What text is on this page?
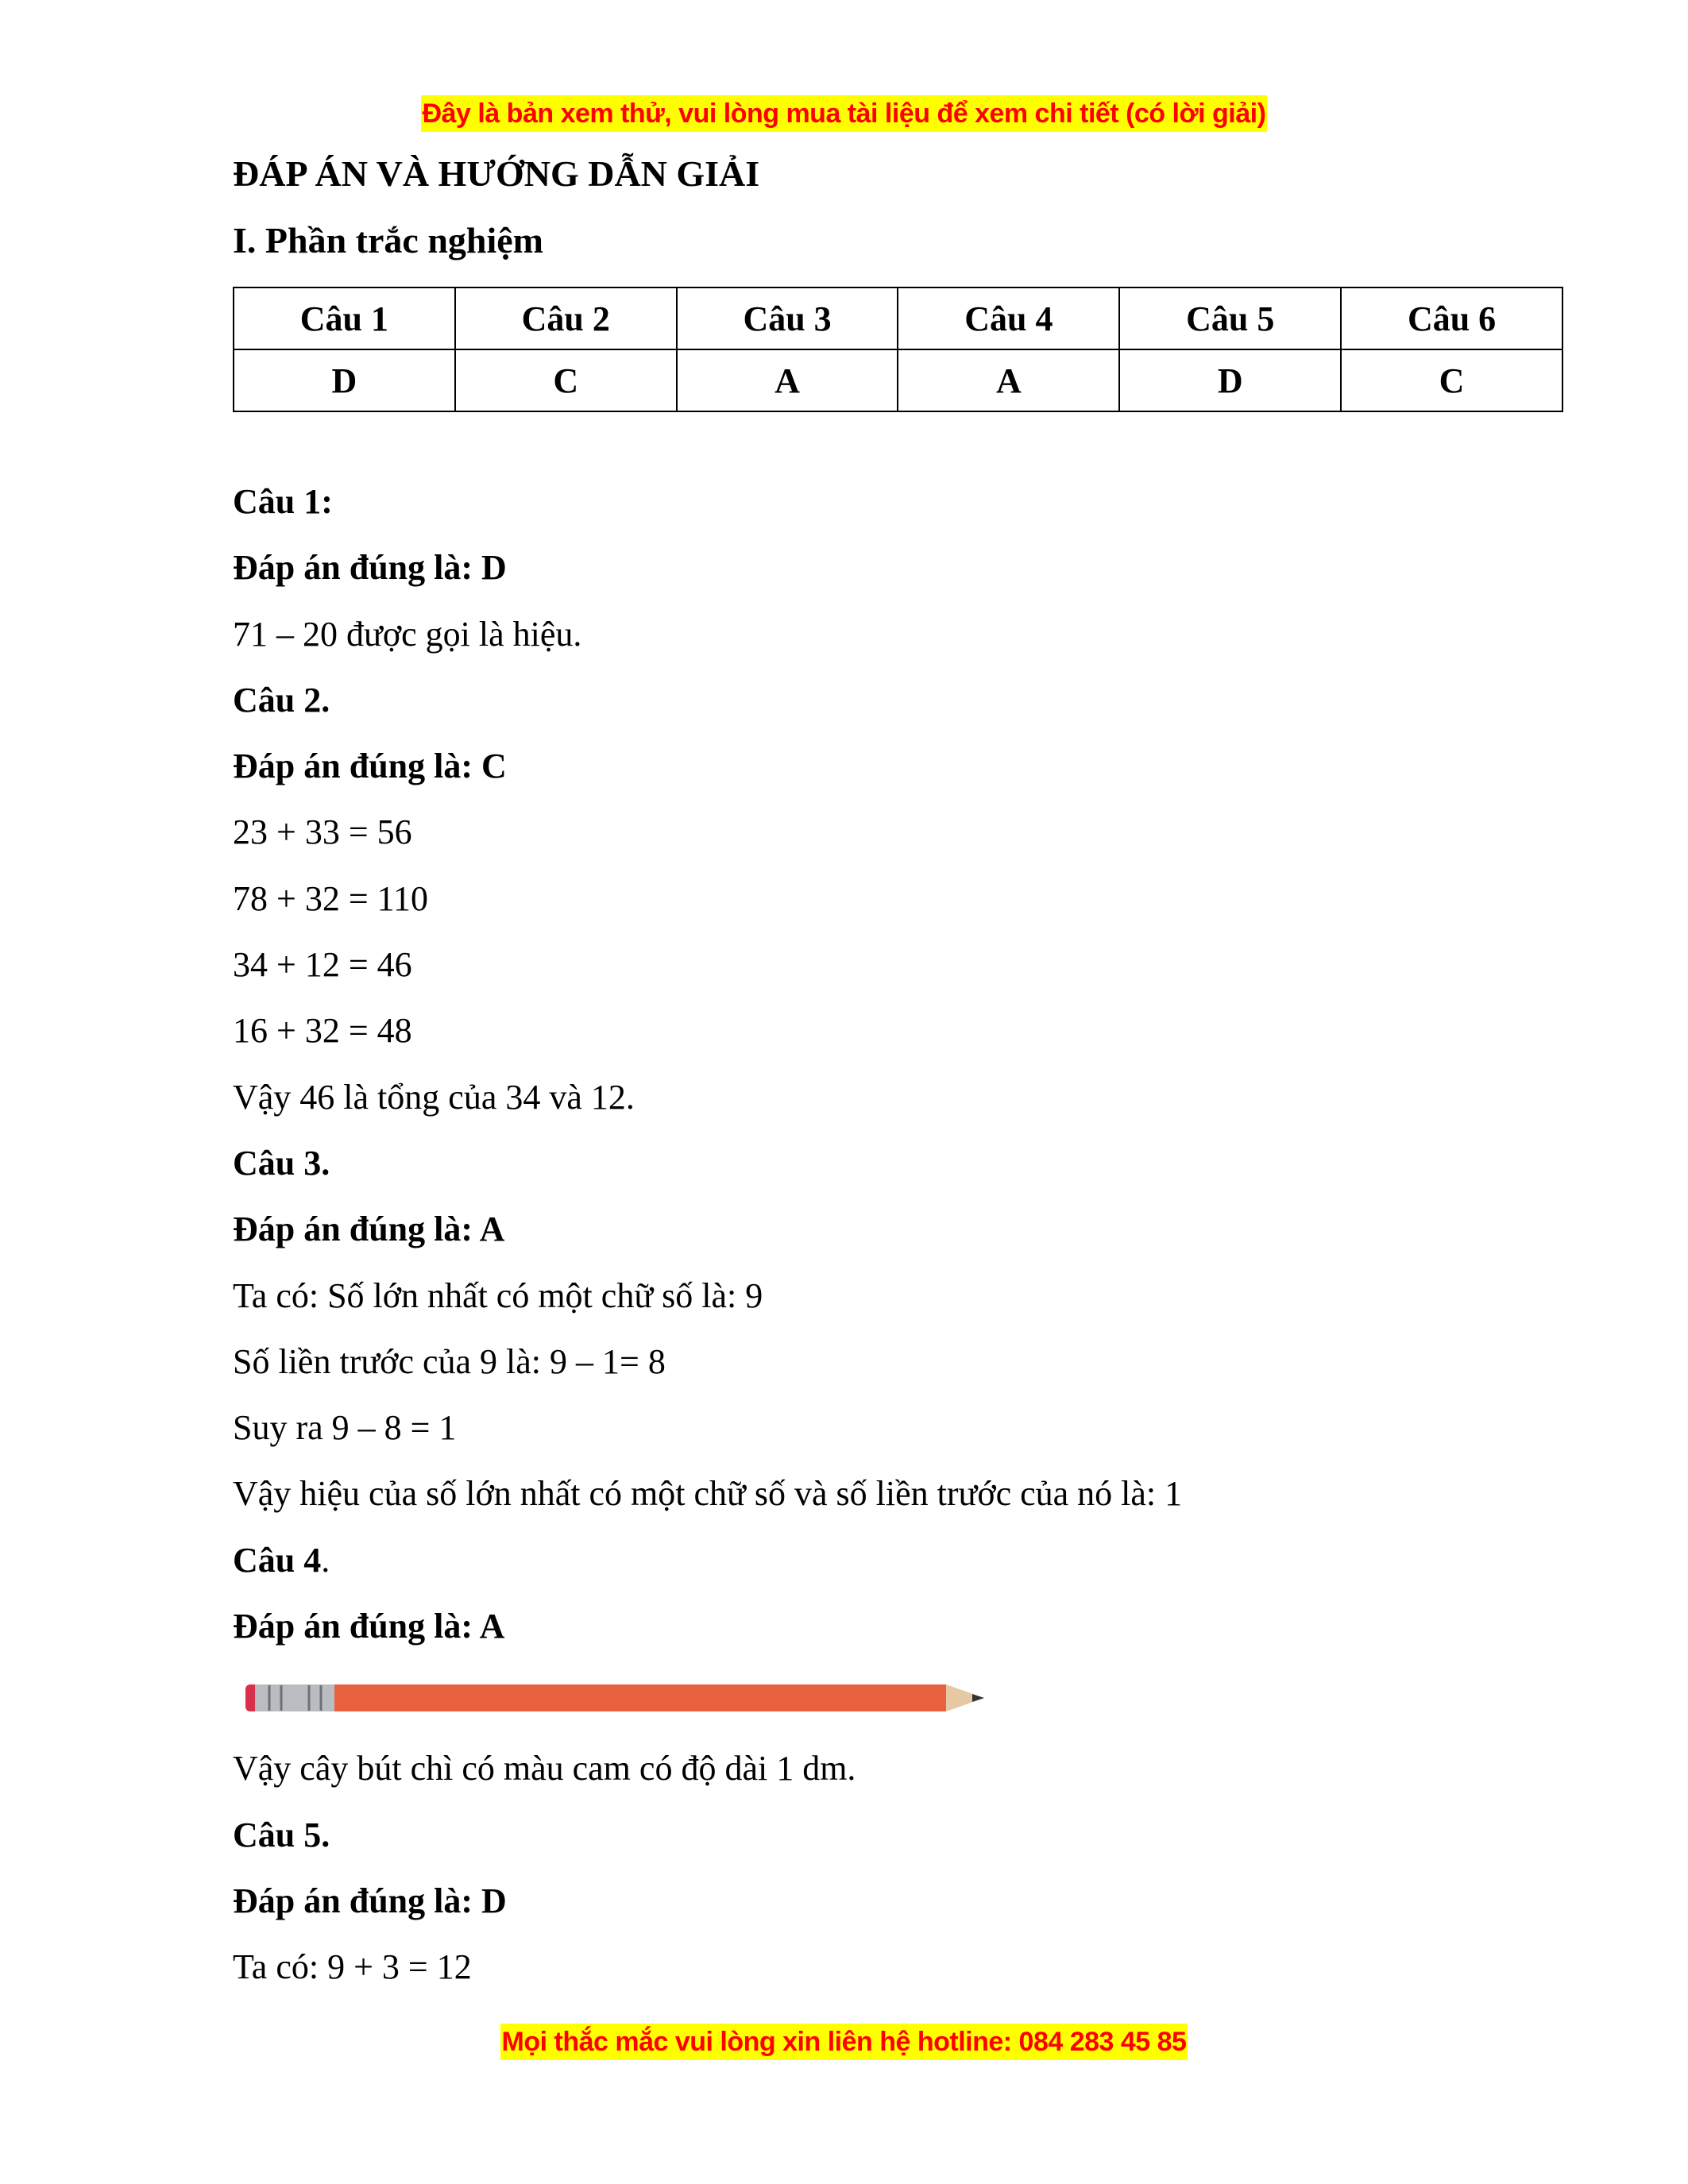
Đây là bản xem thử, vui lòng mua tài liệu để xem chi tiết (có lời giải)
ĐÁP ÁN VÀ HƯỚNG DẪN GIẢI
I. Phần trắc nghiệm
Câu 1	Câu 2	Câu 3	Câu 4	Câu 5	Câu 6
D	C	A	A	D	C
Câu 1:
Đáp án đúng là: D
71 – 20 được gọi là hiệu.
Câu 2.
Đáp án đúng là: C
23 + 33 = 56
78 + 32 = 110
34 + 12 = 46
16 + 32 = 48
Vậy 46 là tổng của 34 và 12.
Câu 3.
Đáp án đúng là: A
Ta có: Số lớn nhất có một chữ số là: 9
Số liền trước của 9 là: 9 – 1= 8
Suy ra 9 – 8 = 1
Vậy hiệu của số lớn nhất có một chữ số và số liền trước của nó là: 1
Câu 4.
Đáp án đúng là: A
Vậy cây bút chì có màu cam có độ dài 1 dm.
Câu 5.
Đáp án đúng là: D
Ta có: 9 + 3 = 12
Mọi thắc mắc vui lòng xin liên hệ hotline: 084 283 45 85
